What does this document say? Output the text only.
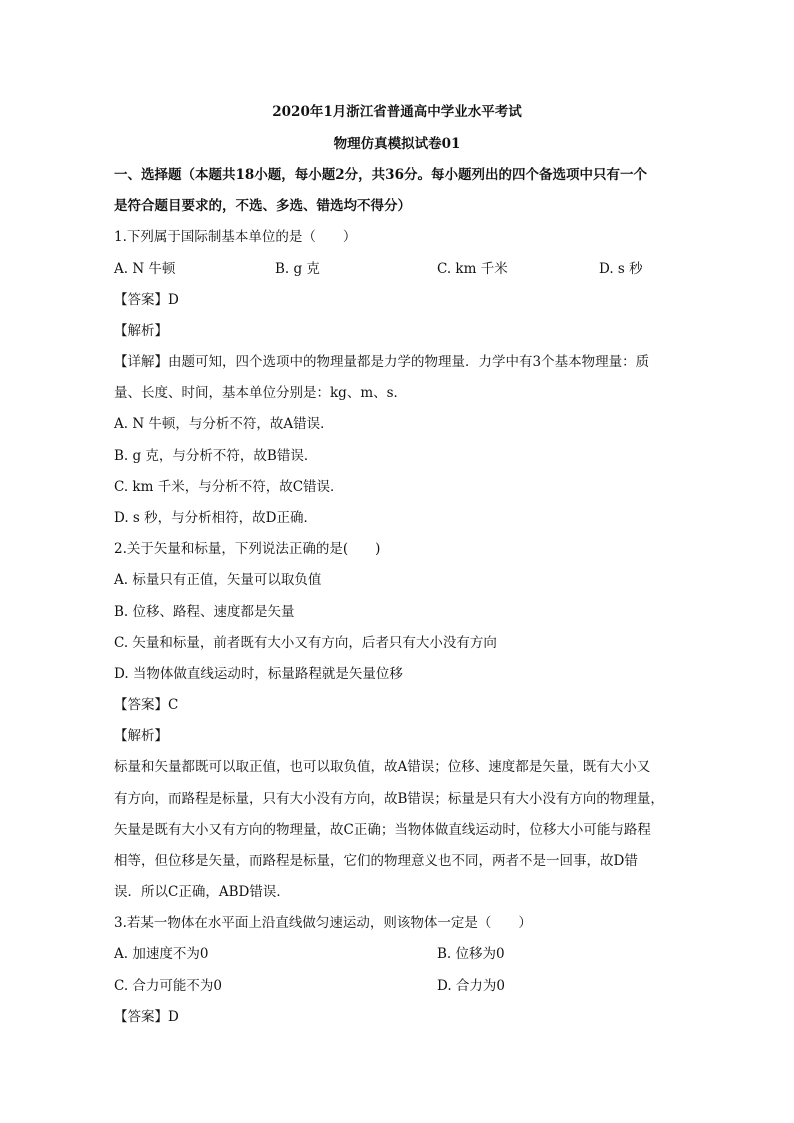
2020年1月浙江省普通高中学业水平考试
物理仿真模拟试卷01
一、选择题（本题共18小题，每小题2分，共36分。每小题列出的四个备选项中只有一个
是符合题目要求的，不选、多选、错选均不得分）
1.下列属于国际制基本单位的是（　　）
A. N 牛顿	B. g 克	C. km 千米	D. s 秒
【答案】D
【解析】
【详解】由题可知，四个选项中的物理量都是力学的物理量．力学中有3个基本物理量：质
量、长度、时间，基本单位分别是：kg、m、s．
A. N 牛顿，与分析不符，故A错误．
B. g 克，与分析不符，故B错误．
C. km 千米，与分析不符，故C错误．
D. s 秒，与分析相符，故D正确．
2.关于矢量和标量，下列说法正确的是(　　)
A. 标量只有正值，矢量可以取负值
B. 位移、路程、速度都是矢量
C. 矢量和标量，前者既有大小又有方向，后者只有大小没有方向
D. 当物体做直线运动时，标量路程就是矢量位移
【答案】C
【解析】
标量和矢量都既可以取正值，也可以取负值，故A错误；位移、速度都是矢量，既有大小又
有方向，而路程是标量，只有大小没有方向，故B错误；标量是只有大小没有方向的物理量，
矢量是既有大小又有方向的物理量，故C正确；当物体做直线运动时，位移大小可能与路程
相等，但位移是矢量，而路程是标量，它们的物理意义也不同，两者不是一回事，故D错
误．所以C正确，ABD错误．
3.若某一物体在水平面上沿直线做匀速运动，则该物体一定是（　　）
A. 加速度不为0	B. 位移为0
C. 合力可能不为0	D. 合力为0
【答案】D
